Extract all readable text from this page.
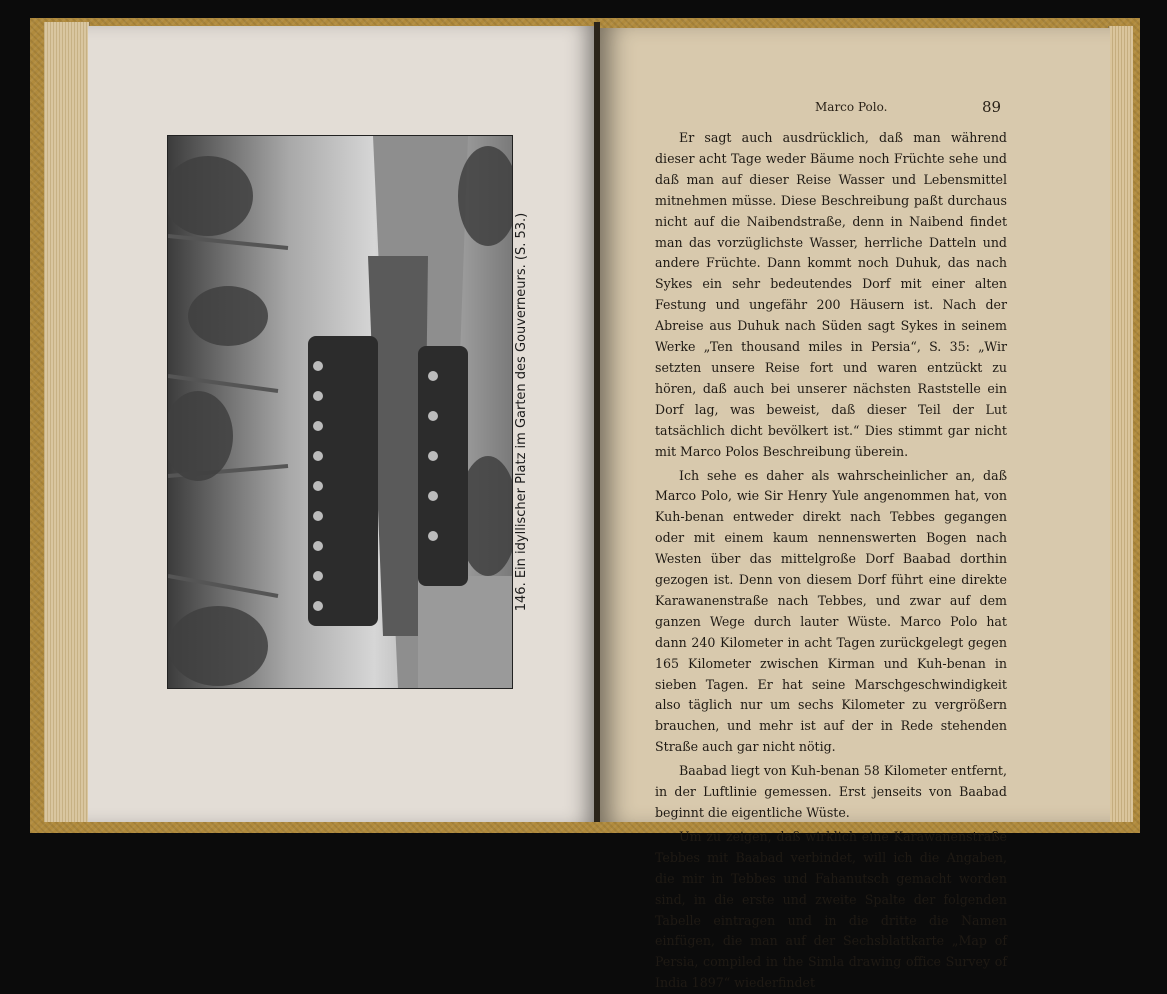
146. Ein idyllischer Platz im Garten des Gouverneurs. (S. 53.)
Marco Polo.	89

Er sagt auch ausdrücklich, daß man während dieser acht Tage weder Bäume noch Früchte sehe und daß man auf dieser Reise Wasser und Lebensmittel mitnehmen müsse. Diese Beschreibung paßt durchaus nicht auf die Naibendstraße, denn in Naibend findet man das vorzüglichste Wasser, herrliche Datteln und andere Früchte. Dann kommt noch Duhuk, das nach Sykes ein sehr bedeutendes Dorf mit einer alten Festung und ungefähr 200 Häusern ist. Nach der Abreise aus Duhuk nach Süden sagt Sykes in seinem Werke „Ten thousand miles in Persia“, S. 35: „Wir setzten unsere Reise fort und waren entzückt zu hören, daß auch bei unserer nächsten Raststelle ein Dorf lag, was beweist, daß dieser Teil der Lut tatsächlich dicht bevölkert ist.“ Dies stimmt gar nicht mit Marco Polos Beschreibung überein.

Ich sehe es daher als wahrscheinlicher an, daß Marco Polo, wie Sir Henry Yule angenommen hat, von Kuh-benan entweder direkt nach Tebbes gegangen oder mit einem kaum nennenswerten Bogen nach Westen über das mittelgroße Dorf Baabad dorthin gezogen ist. Denn von diesem Dorf führt eine direkte Karawanenstraße nach Tebbes, und zwar auf dem ganzen Wege durch lauter Wüste. Marco Polo hat dann 240 Kilometer in acht Tagen zurückgelegt gegen 165 Kilometer zwischen Kirman und Kuh-benan in sieben Tagen. Er hat seine Marschgeschwindigkeit also täglich nur um sechs Kilometer zu vergrößern brauchen, und mehr ist auf der in Rede stehenden Straße auch gar nicht nötig.

Baabad liegt von Kuh-benan 58 Kilometer entfernt, in der Luftlinie gemessen. Erst jenseits von Baabad beginnt die eigentliche Wüste.

Um zu zeigen, daß wirklich eine Karawanenstraße Tebbes mit Baabad verbindet, will ich die Angaben, die mir in Tebbes und Fahanutsch gemacht worden sind, in die erste und zweite Spalte der folgenden Tabelle eintragen und in die dritte die Namen einfügen, die man auf der Sechsblattkarte „Map of Persia, compiled in the Simla drawing office Survey of India 1897“ wiederfindet
